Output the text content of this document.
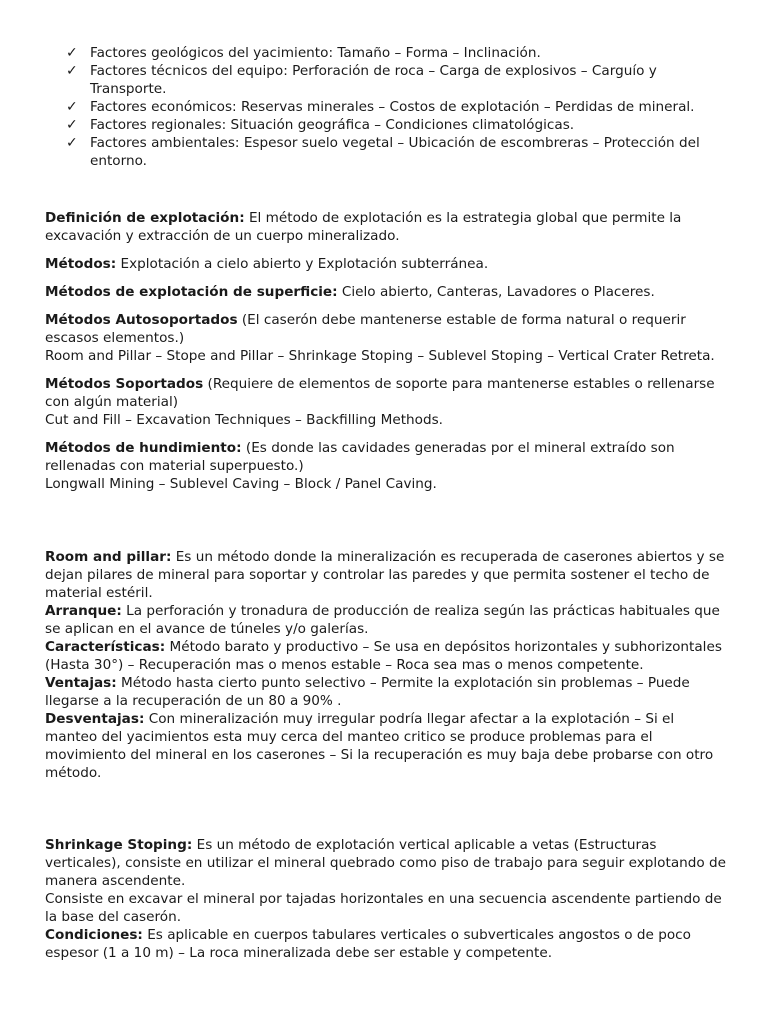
✓ Factores geológicos del yacimiento: Tamaño – Forma – Inclinación.
✓ Factores técnicos del equipo: Perforación de roca – Carga de explosivos – Carguío y Transporte.
✓ Factores económicos: Reservas minerales – Costos de explotación – Perdidas de mineral.
✓ Factores regionales: Situación geográfica – Condiciones climatológicas.
✓ Factores ambientales: Espesor suelo vegetal – Ubicación de escombreras – Protección del entorno.

Definición de explotación: El método de explotación es la estrategia global que permite la excavación y extracción de un cuerpo mineralizado.

Métodos: Explotación a cielo abierto y Explotación subterránea.

Métodos de explotación de superficie: Cielo abierto, Canteras, Lavadores o Placeres.

Métodos Autosoportados (El caserón debe mantenerse estable de forma natural o requerir escasos elementos.)
Room and Pillar – Stope and Pillar – Shrinkage Stoping – Sublevel Stoping – Vertical Crater Retreta.

Métodos Soportados (Requiere de elementos de soporte para mantenerse estables o rellenarse con algún material)
Cut and Fill – Excavation Techniques – Backfilling Methods.

Métodos de hundimiento: (Es donde las cavidades generadas por el mineral extraído son rellenadas con material superpuesto.)
Longwall Mining – Sublevel Caving – Block / Panel Caving.

Room and pillar: Es un método donde la mineralización es recuperada de caserones abiertos y se dejan pilares de mineral para soportar y controlar las paredes y que permita sostener el techo de material estéril.

Arranque: La perforación y tronadura de producción de realiza según las prácticas habituales que se aplican en el avance de túneles y/o galerías.

Características: Método barato y productivo – Se usa en depósitos horizontales y subhorizontales (Hasta 30°) – Recuperación mas o menos estable – Roca sea mas o menos competente.

Ventajas: Método hasta cierto punto selectivo – Permite la explotación sin problemas – Puede llegarse a la recuperación de un 80 a 90% .

Desventajas: Con mineralización muy irregular podría llegar afectar a la explotación – Si el manteo del yacimientos esta muy cerca del manteo critico se produce problemas para el movimiento del mineral en los caserones – Si la recuperación es muy baja debe probarse con otro método.

Shrinkage Stoping: Es un método de explotación vertical aplicable a vetas (Estructuras verticales), consiste en utilizar el mineral quebrado como piso de trabajo para seguir explotando de manera ascendente.

Consiste en excavar el mineral por tajadas horizontales en una secuencia ascendente partiendo de la base del caserón.

Condiciones: Es aplicable en cuerpos tabulares verticales o subverticales angostos o de poco espesor (1 a 10 m) – La roca mineralizada debe ser estable y competente.
